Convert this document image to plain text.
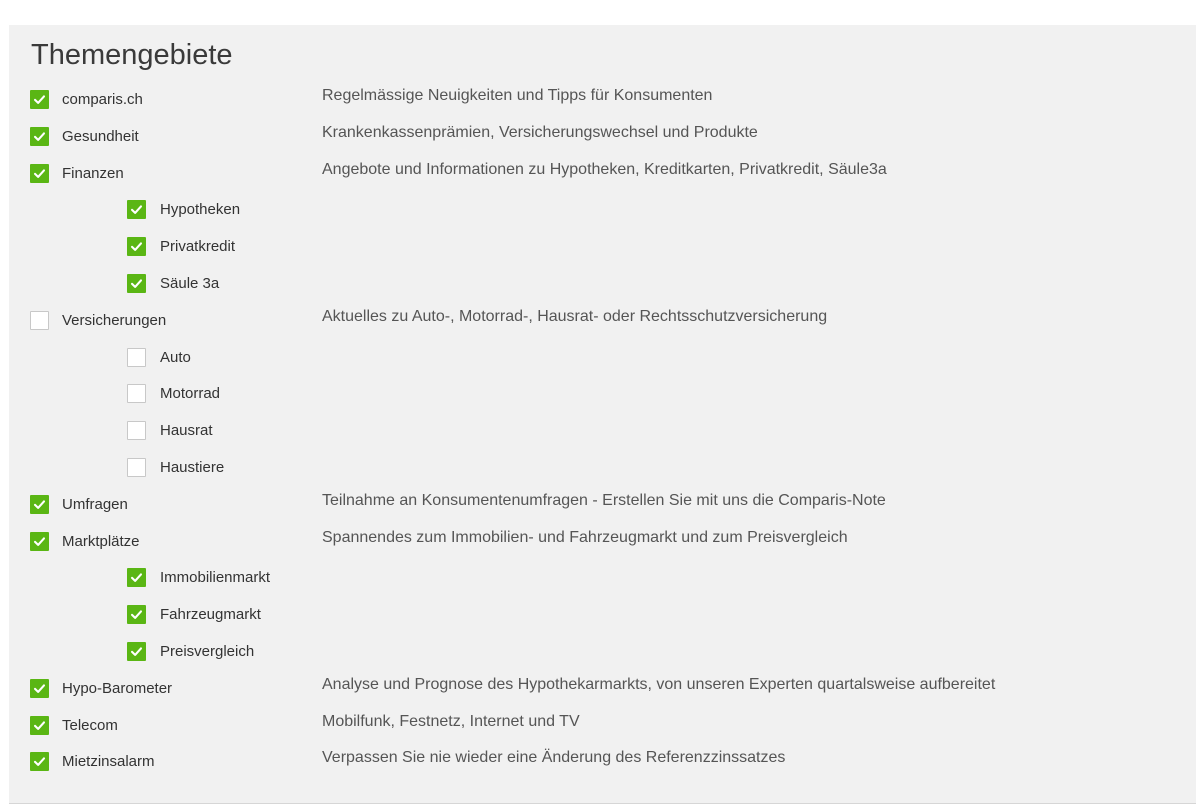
Themengebiete
comparis.ch	Regelmässige Neuigkeiten und Tipps für Konsumenten
Gesundheit	Krankenkassenprämien, Versicherungswechsel und Produkte
Finanzen	Angebote und Informationen zu Hypotheken, Kreditkarten, Privatkredit, Säule3a
Hypotheken
Privatkredit
Säule 3a
Versicherungen	Aktuelles zu Auto-, Motorrad-, Hausrat- oder Rechtsschutzversicherung
Auto
Motorrad
Hausrat
Haustiere
Umfragen	Teilnahme an Konsumentenumfragen - Erstellen Sie mit uns die Comparis-Note
Marktplätze	Spannendes zum Immobilien- und Fahrzeugmarkt und zum Preisvergleich
Immobilienmarkt
Fahrzeugmarkt
Preisvergleich
Hypo-Barometer	Analyse und Prognose des Hypothekarmarkts, von unseren Experten quartalsweise aufbereitet
Telecom	Mobilfunk, Festnetz, Internet und TV
Mietzinsalarm	Verpassen Sie nie wieder eine Änderung des Referenzzinssatzes
